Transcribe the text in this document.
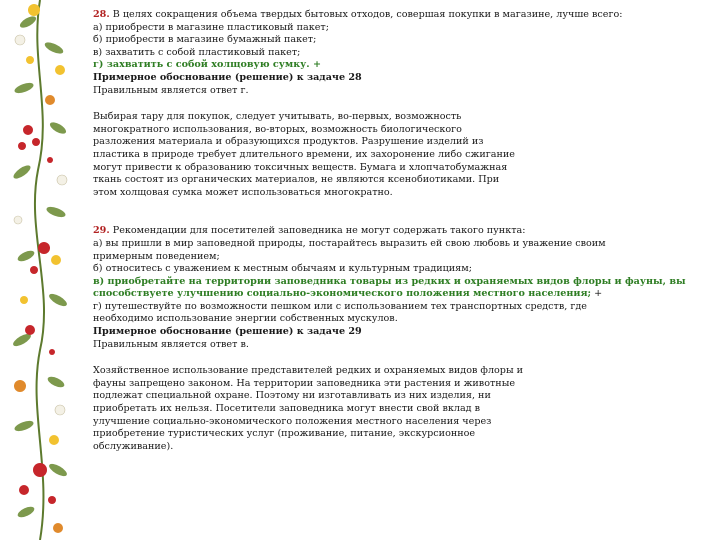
28. В целях сокращения объема твердых бытовых отходов, совершая покупки в магазине, лучше всего:
а) приобрести в магазине пластиковый пакет;
б) приобрести в магазине бумажный пакет;
в) захватить с собой пластиковый пакет;
г) захватить с собой холщовую сумку. +
Примерное обоснование (решение) к задаче 28
Правильным является ответ г.
Выбирая тару для покупок, следует учитывать, во-первых, возможность
многократного использования, во-вторых, возможность биологического
разложения материала и образующихся продуктов. Разрушение изделий из
пластика в природе требует длительного времени, их захоронение либо сжигание
могут привести к образованию токсичных веществ. Бумага и хлопчатобумажная
ткань состоят из органических материалов, не являются ксенобиотиками. При
этом холщовая сумка может использоваться многократно.
29. Рекомендации для посетителей заповедника не могут содержать такого пункта:
а) вы пришли в мир заповедной природы, постарайтесь выразить ей свою любовь и уважение своим
примерным поведением;
б) относитесь с уважением к местным обычаям и культурным традициям;
в) приобретайте на территории заповедника товары из редких и охраняемых видов флоры и фауны, вы
способствуете улучшению социально-экономического положения местного населения; +
г) путешествуйте по возможности пешком или с использованием тех транспортных средств, где
необходимо использование энергии собственных мускулов.
Примерное обоснование (решение) к задаче 29
Правильным является ответ в.
Хозяйственное использование представителей редких и охраняемых видов флоры и
фауны запрещено законом. На территории заповедника эти растения и животные
подлежат специальной охране. Поэтому ни изготавливать из них изделия, ни
приобретать их нельзя. Посетители заповедника могут внести свой вклад в
улучшение социально-экономического положения местного населения через
приобретение туристических услуг (проживание, питание, экскурсионное
обслуживание).
